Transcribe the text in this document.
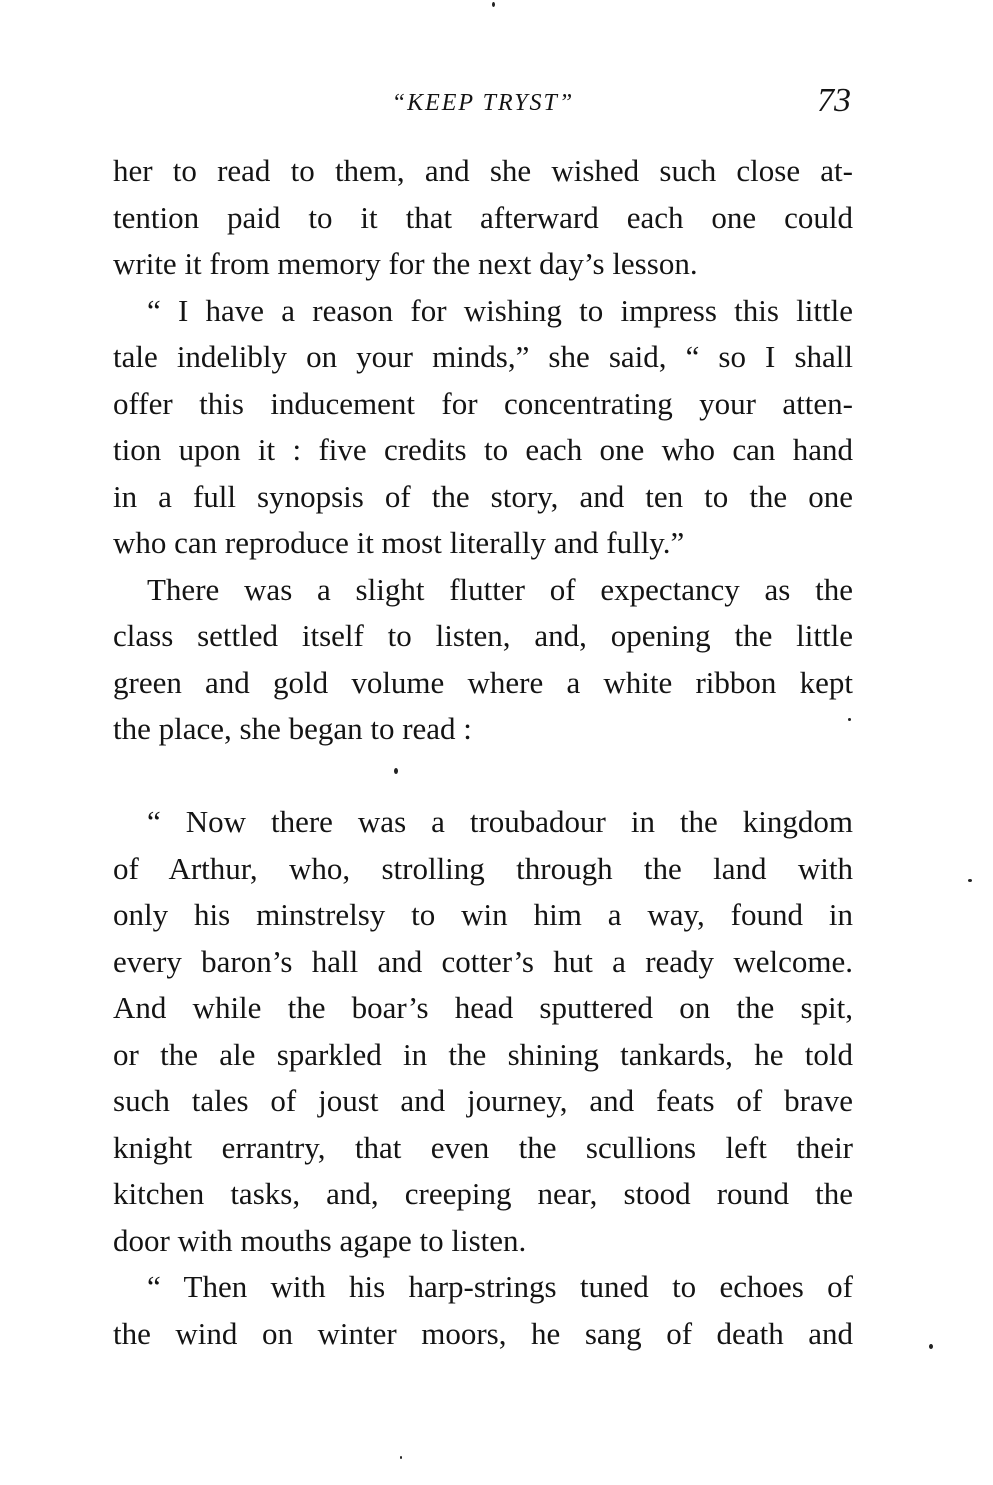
“KEEP TRYST”	73
her to read to them, and she wished such close at-
tention paid to it that afterward each one could
write it from memory for the next day’s lesson.
“ I have a reason for wishing to impress this little
tale indelibly on your minds,” she said, “ so I shall
offer this inducement for concentrating your atten-
tion upon it : five credits to each one who can hand
in a full synopsis of the story, and ten to the one
who can reproduce it most literally and fully.”
There was a slight flutter of expectancy as the
class settled itself to listen, and, opening the little
green and gold volume where a white ribbon kept
the place, she began to read :
“ Now there was a troubadour in the kingdom
of Arthur, who, strolling through the land with
only his minstrelsy to win him a way, found in
every baron’s hall and cotter’s hut a ready welcome.
And while the boar’s head sputtered on the spit,
or the ale sparkled in the shining tankards, he told
such tales of joust and journey, and feats of brave
knight errantry, that even the scullions left their
kitchen tasks, and, creeping near, stood round the
door with mouths agape to listen.
“ Then with his harp-strings tuned to echoes of
the wind on winter moors, he sang of death and
